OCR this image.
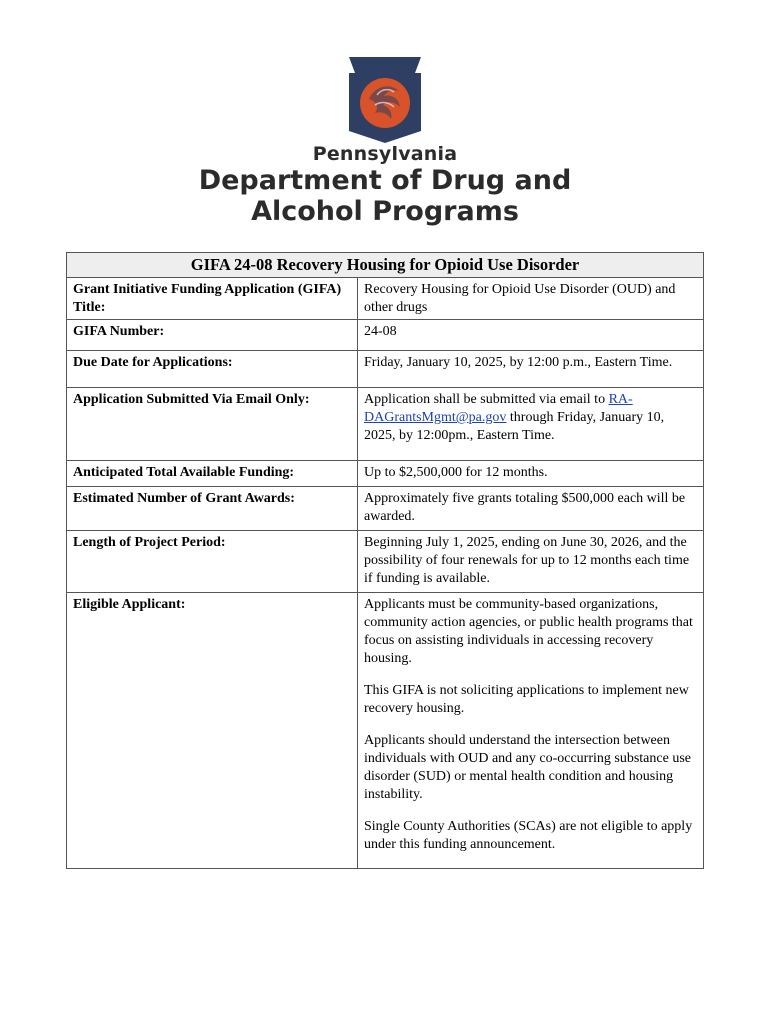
Pennsylvania
Department of Drug and
Alcohol Programs
GIFA 24-08 Recovery Housing for Opioid Use Disorder	
Grant Initiative Funding Application (GIFA) Title:	Recovery Housing for Opioid Use Disorder (OUD) and other drugs
GIFA Number:	24-08
Due Date for Applications:	Friday, January 10, 2025, by 12:00 p.m., Eastern Time.
Application Submitted Via Email Only:	Application shall be submitted via email to RA-DAGrantsMgmt@pa.gov through Friday, January 10, 2025, by 12:00pm., Eastern Time.
Anticipated Total Available Funding:	Up to $2,500,000 for 12 months.
Estimated Number of Grant Awards:	Approximately five grants totaling $500,000 each will be awarded.
Length of Project Period:	Beginning July 1, 2025, ending on June 30, 2026, and the possibility of four renewals for up to 12 months each time if funding is available.
Eligible Applicant:	Applicants must be community-based organizations, community action agencies, or public health programs that focus on assisting individuals in accessing recovery housing.

This GIFA is not soliciting applications to implement new recovery housing.

Applicants should understand the intersection between individuals with OUD and any co-occurring substance use disorder (SUD) or mental health condition and housing instability.

Single County Authorities (SCAs) are not eligible to apply under this funding announcement.
